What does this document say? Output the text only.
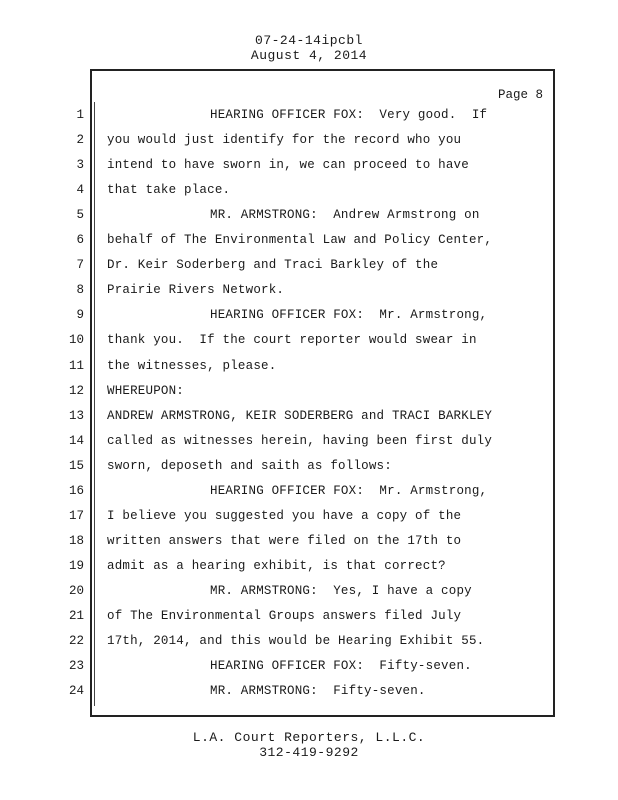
07-24-14ipcbl
August 4, 2014
Page 8
1	HEARING OFFICER FOX:  Very good.  If
2 you would just identify for the record who you
3 intend to have sworn in, we can proceed to have
4 that take place.
5	MR. ARMSTRONG:  Andrew Armstrong on
6 behalf of The Environmental Law and Policy Center,
7 Dr. Keir Soderberg and Traci Barkley of the
8 Prairie Rivers Network.
9	HEARING OFFICER FOX:  Mr. Armstrong,
10 thank you.  If the court reporter would swear in
11 the witnesses, please.
12 WHEREUPON:
13 ANDREW ARMSTRONG, KEIR SODERBERG and TRACI BARKLEY
14 called as witnesses herein, having been first duly
15 sworn, deposeth and saith as follows:
16	HEARING OFFICER FOX:  Mr. Armstrong,
17 I believe you suggested you have a copy of the
18 written answers that were filed on the 17th to
19 admit as a hearing exhibit, is that correct?
20	MR. ARMSTRONG:  Yes, I have a copy
21 of The Environmental Groups answers filed July
22 17th, 2014, and this would be Hearing Exhibit 55.
23	HEARING OFFICER FOX:  Fifty-seven.
24	MR. ARMSTRONG:  Fifty-seven.
L.A. Court Reporters, L.L.C.
312-419-9292
